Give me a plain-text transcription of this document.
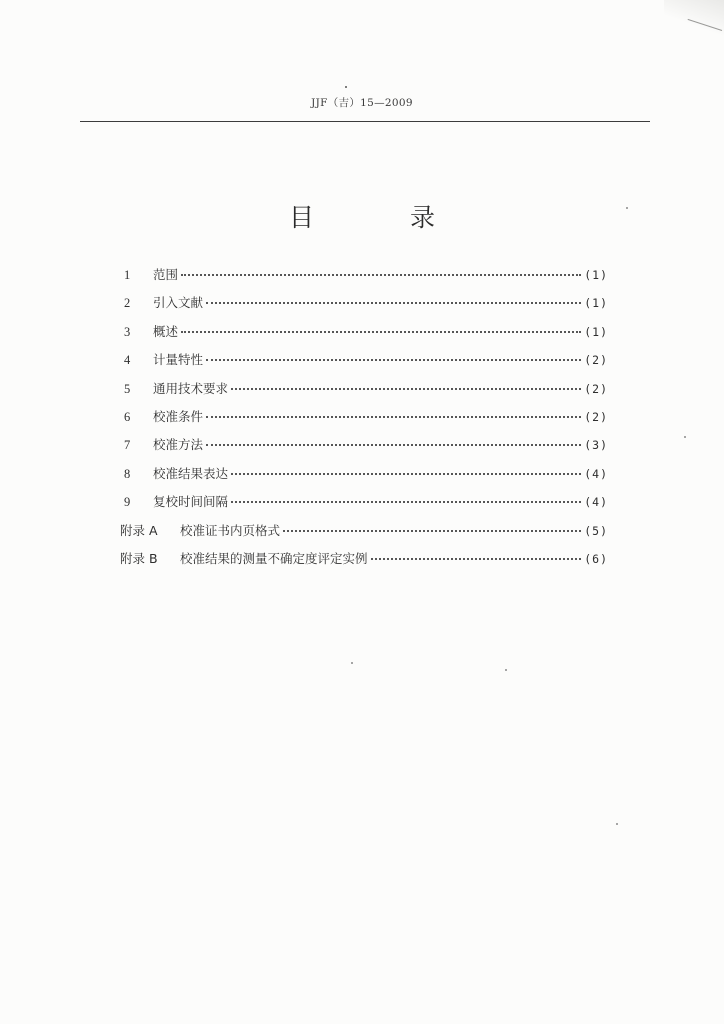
JJF（吉）15—2009
目 录
1	范围	(1)
2	引入文献	(1)
3	概述	(1)
4	计量特性	(2)
5	通用技术要求	(2)
6	校准条件	(2)
7	校准方法	(3)
8	校准结果表达	(4)
9	复校时间间隔	(4)
附录 A	校准证书内页格式	(5)
附录 B	校准结果的测量不确定度评定实例	(6)
